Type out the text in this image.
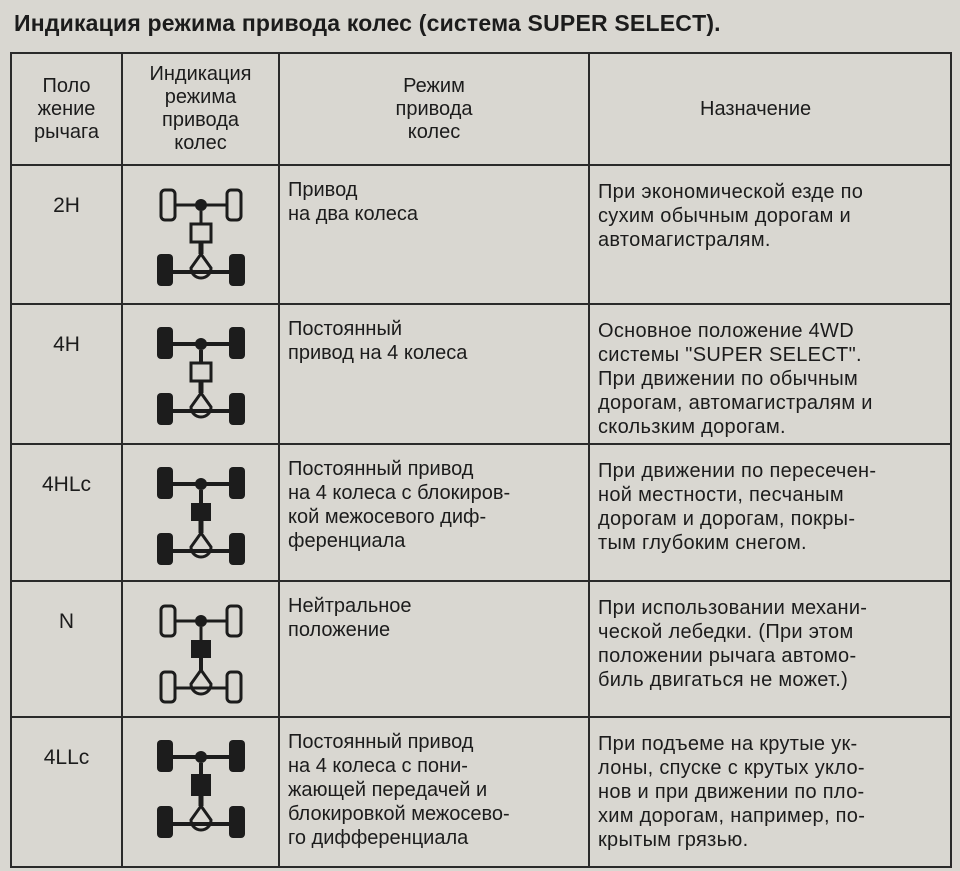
Индикация режима привода колес (система SUPER SELECT).
Поло
жение
рычага	Индикация
режима
привода
колес	Режим
привода
колес	Назначение
2H		Привод
на два колеса	При экономической езде по
сухим обычным дорогам и
автомагистралям.
4H		Постоянный
привод на 4 колеса	Основное положение 4WD
системы "SUPER SELECT".
При движении по обычным
дорогам, автомагистралям и
скользким дорогам.
4HLc		Постоянный привод
на 4 колеса с блокиров-
кой межосевого диф-
ференциала	При движении по пересечен-
ной местности, песчаным
дорогам и дорогам, покры-
тым глубоким снегом.
N		Нейтральное
положение	При использовании механи-
ческой лебедки. (При этом
положении рычага автомо-
биль двигаться не может.)
4LLc		Постоянный привод
на 4 колеса с пони-
жающей передачей и
блокировкой межосево-
го дифференциала	При подъеме на крутые ук-
лоны, спуске с крутых укло-
нов и при движении по пло-
хим дорогам, например, по-
крытым грязью.
